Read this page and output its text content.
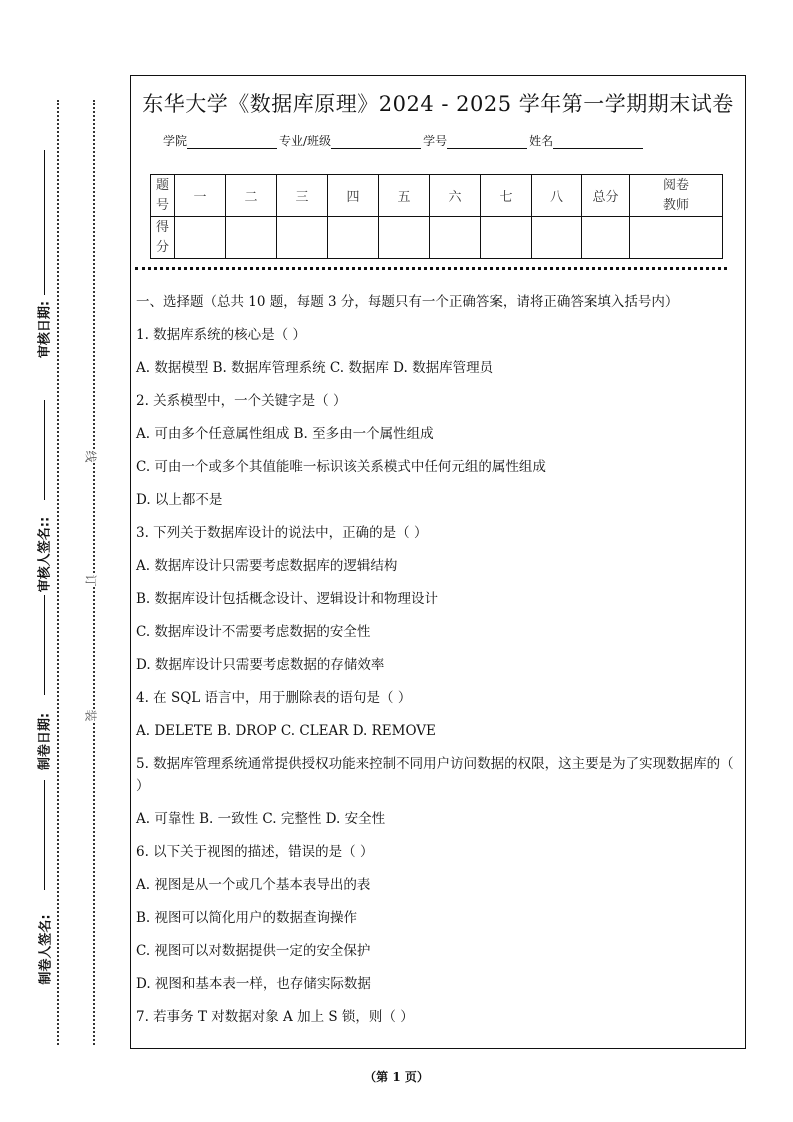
审核日期:
审核人签名::
制卷日期:
制卷人签名:
线
订
装
东华大学《数据库原理》2024 - 2025 学年第一学期期末试卷
学院	专业/班级	学号	姓名
题号	一	二	三	四	五	六	七	八	总分	阅卷教师
得分										

一、选择题（总共 10 题，每题 3 分，每题只有一个正确答案，请将正确答案填入括号内）

1. 数据库系统的核心是（ ）

A. 数据模型 B. 数据库管理系统 C. 数据库 D. 数据库管理员

2. 关系模型中，一个关键字是（ ）

A. 可由多个任意属性组成 B. 至多由一个属性组成

C. 可由一个或多个其值能唯一标识该关系模式中任何元组的属性组成

D. 以上都不是

3. 下列关于数据库设计的说法中，正确的是（ ）

A. 数据库设计只需要考虑数据库的逻辑结构

B. 数据库设计包括概念设计、逻辑设计和物理设计

C. 数据库设计不需要考虑数据的安全性

D. 数据库设计只需要考虑数据的存储效率

4. 在 SQL 语言中，用于删除表的语句是（ ）

A. DELETE B. DROP C. CLEAR D. REMOVE

5. 数据库管理系统通常提供授权功能来控制不同用户访问数据的权限，这主要是为了实现数据库的（ ）

A. 可靠性 B. 一致性 C. 完整性 D. 安全性

6. 以下关于视图的描述，错误的是（ ）

A. 视图是从一个或几个基本表导出的表

B. 视图可以简化用户的数据查询操作

C. 视图可以对数据提供一定的安全保护

D. 视图和基本表一样，也存储实际数据

7. 若事务 T 对数据对象 A 加上 S 锁，则（ ）

（第 1 页）
